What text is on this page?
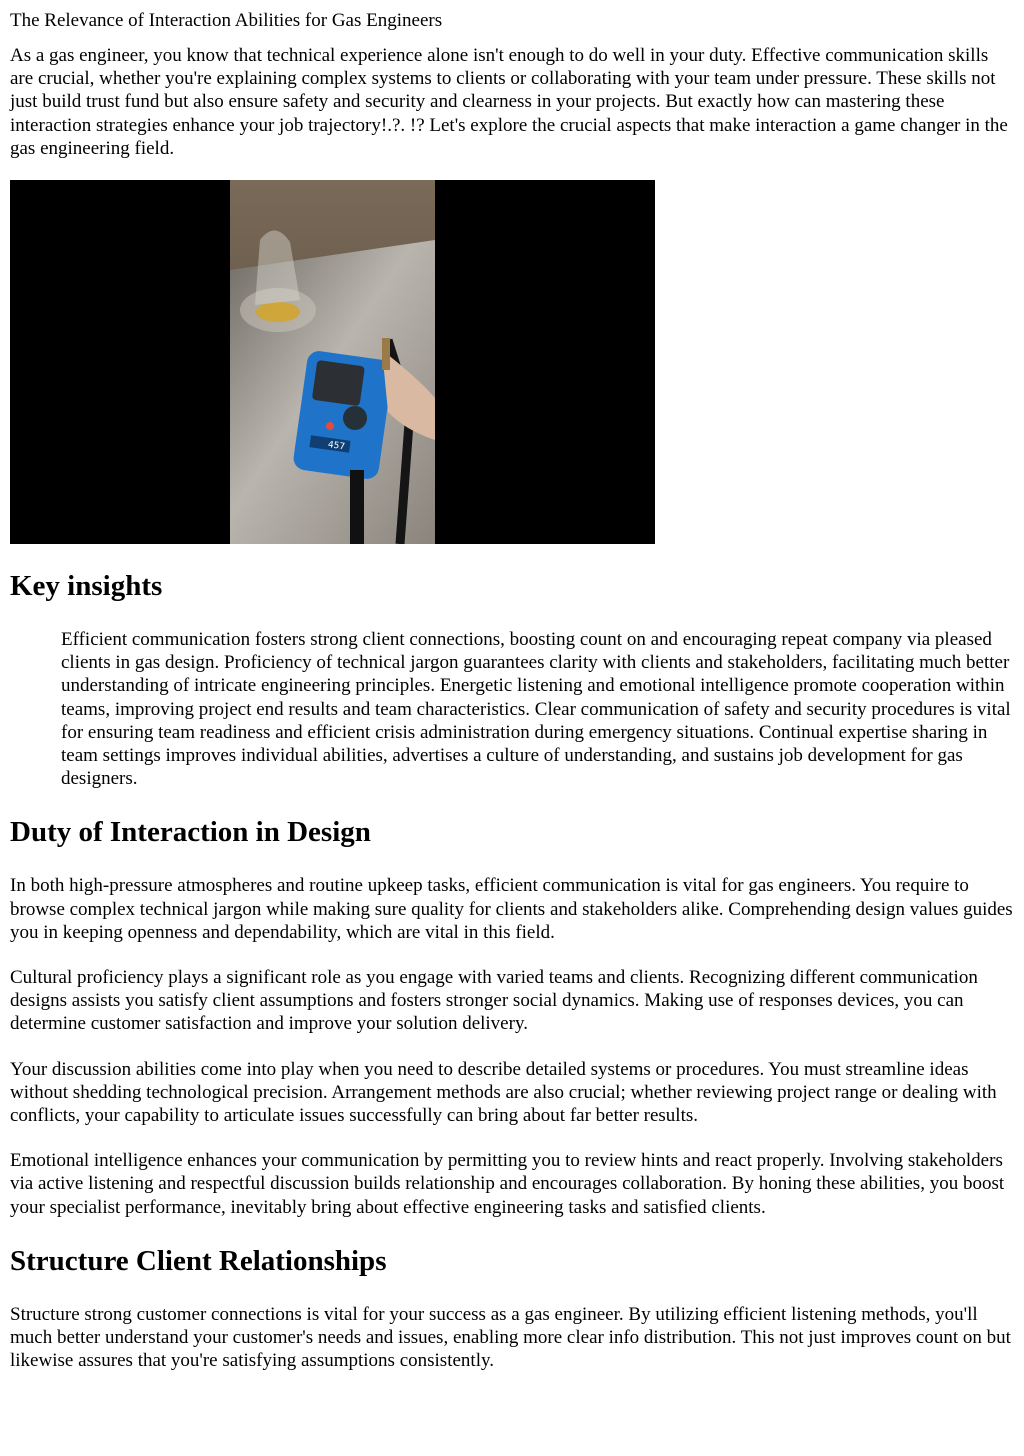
The Relevance of Interaction Abilities for Gas Engineers

As a gas engineer, you know that technical experience alone isn't enough to do well in your duty. Effective communication skills are crucial, whether you're explaining complex systems to clients or collaborating with your team under pressure. These skills not just build trust fund but also ensure safety and security and clearness in your projects. But exactly how can mastering these interaction strategies enhance your job trajectory!.?. !? Let's explore the crucial aspects that make interaction a game changer in the gas engineering field.

457
Key insights

Efficient communication fosters strong client connections, boosting count on and encouraging repeat company via pleased clients in gas design. Proficiency of technical jargon guarantees clarity with clients and stakeholders, facilitating much better understanding of intricate engineering principles. Energetic listening and emotional intelligence promote cooperation within teams, improving project end results and team characteristics. Clear communication of safety and security procedures is vital for ensuring team readiness and efficient crisis administration during emergency situations. Continual expertise sharing in team settings improves individual abilities, advertises a culture of understanding, and sustains job development for gas designers.

Duty of Interaction in Design

In both high-pressure atmospheres and routine upkeep tasks, efficient communication is vital for gas engineers. You require to browse complex technical jargon while making sure quality for clients and stakeholders alike. Comprehending design values guides you in keeping openness and dependability, which are vital in this field.

Cultural proficiency plays a significant role as you engage with varied teams and clients. Recognizing different communication designs assists you satisfy client assumptions and fosters stronger social dynamics. Making use of responses devices, you can determine customer satisfaction and improve your solution delivery.

Your discussion abilities come into play when you need to describe detailed systems or procedures. You must streamline ideas without shedding technological precision. Arrangement methods are also crucial; whether reviewing project range or dealing with conflicts, your capability to articulate issues successfully can bring about far better results.

Emotional intelligence enhances your communication by permitting you to review hints and react properly. Involving stakeholders via active listening and respectful discussion builds relationship and encourages collaboration. By honing these abilities, you boost your specialist performance, inevitably bring about effective engineering tasks and satisfied clients.

Structure Client Relationships

Structure strong customer connections is vital for your success as a gas engineer. By utilizing efficient listening methods, you'll much better understand your customer's needs and issues, enabling more clear info distribution. This not just improves count on but likewise assures that you're satisfying assumptions consistently.
